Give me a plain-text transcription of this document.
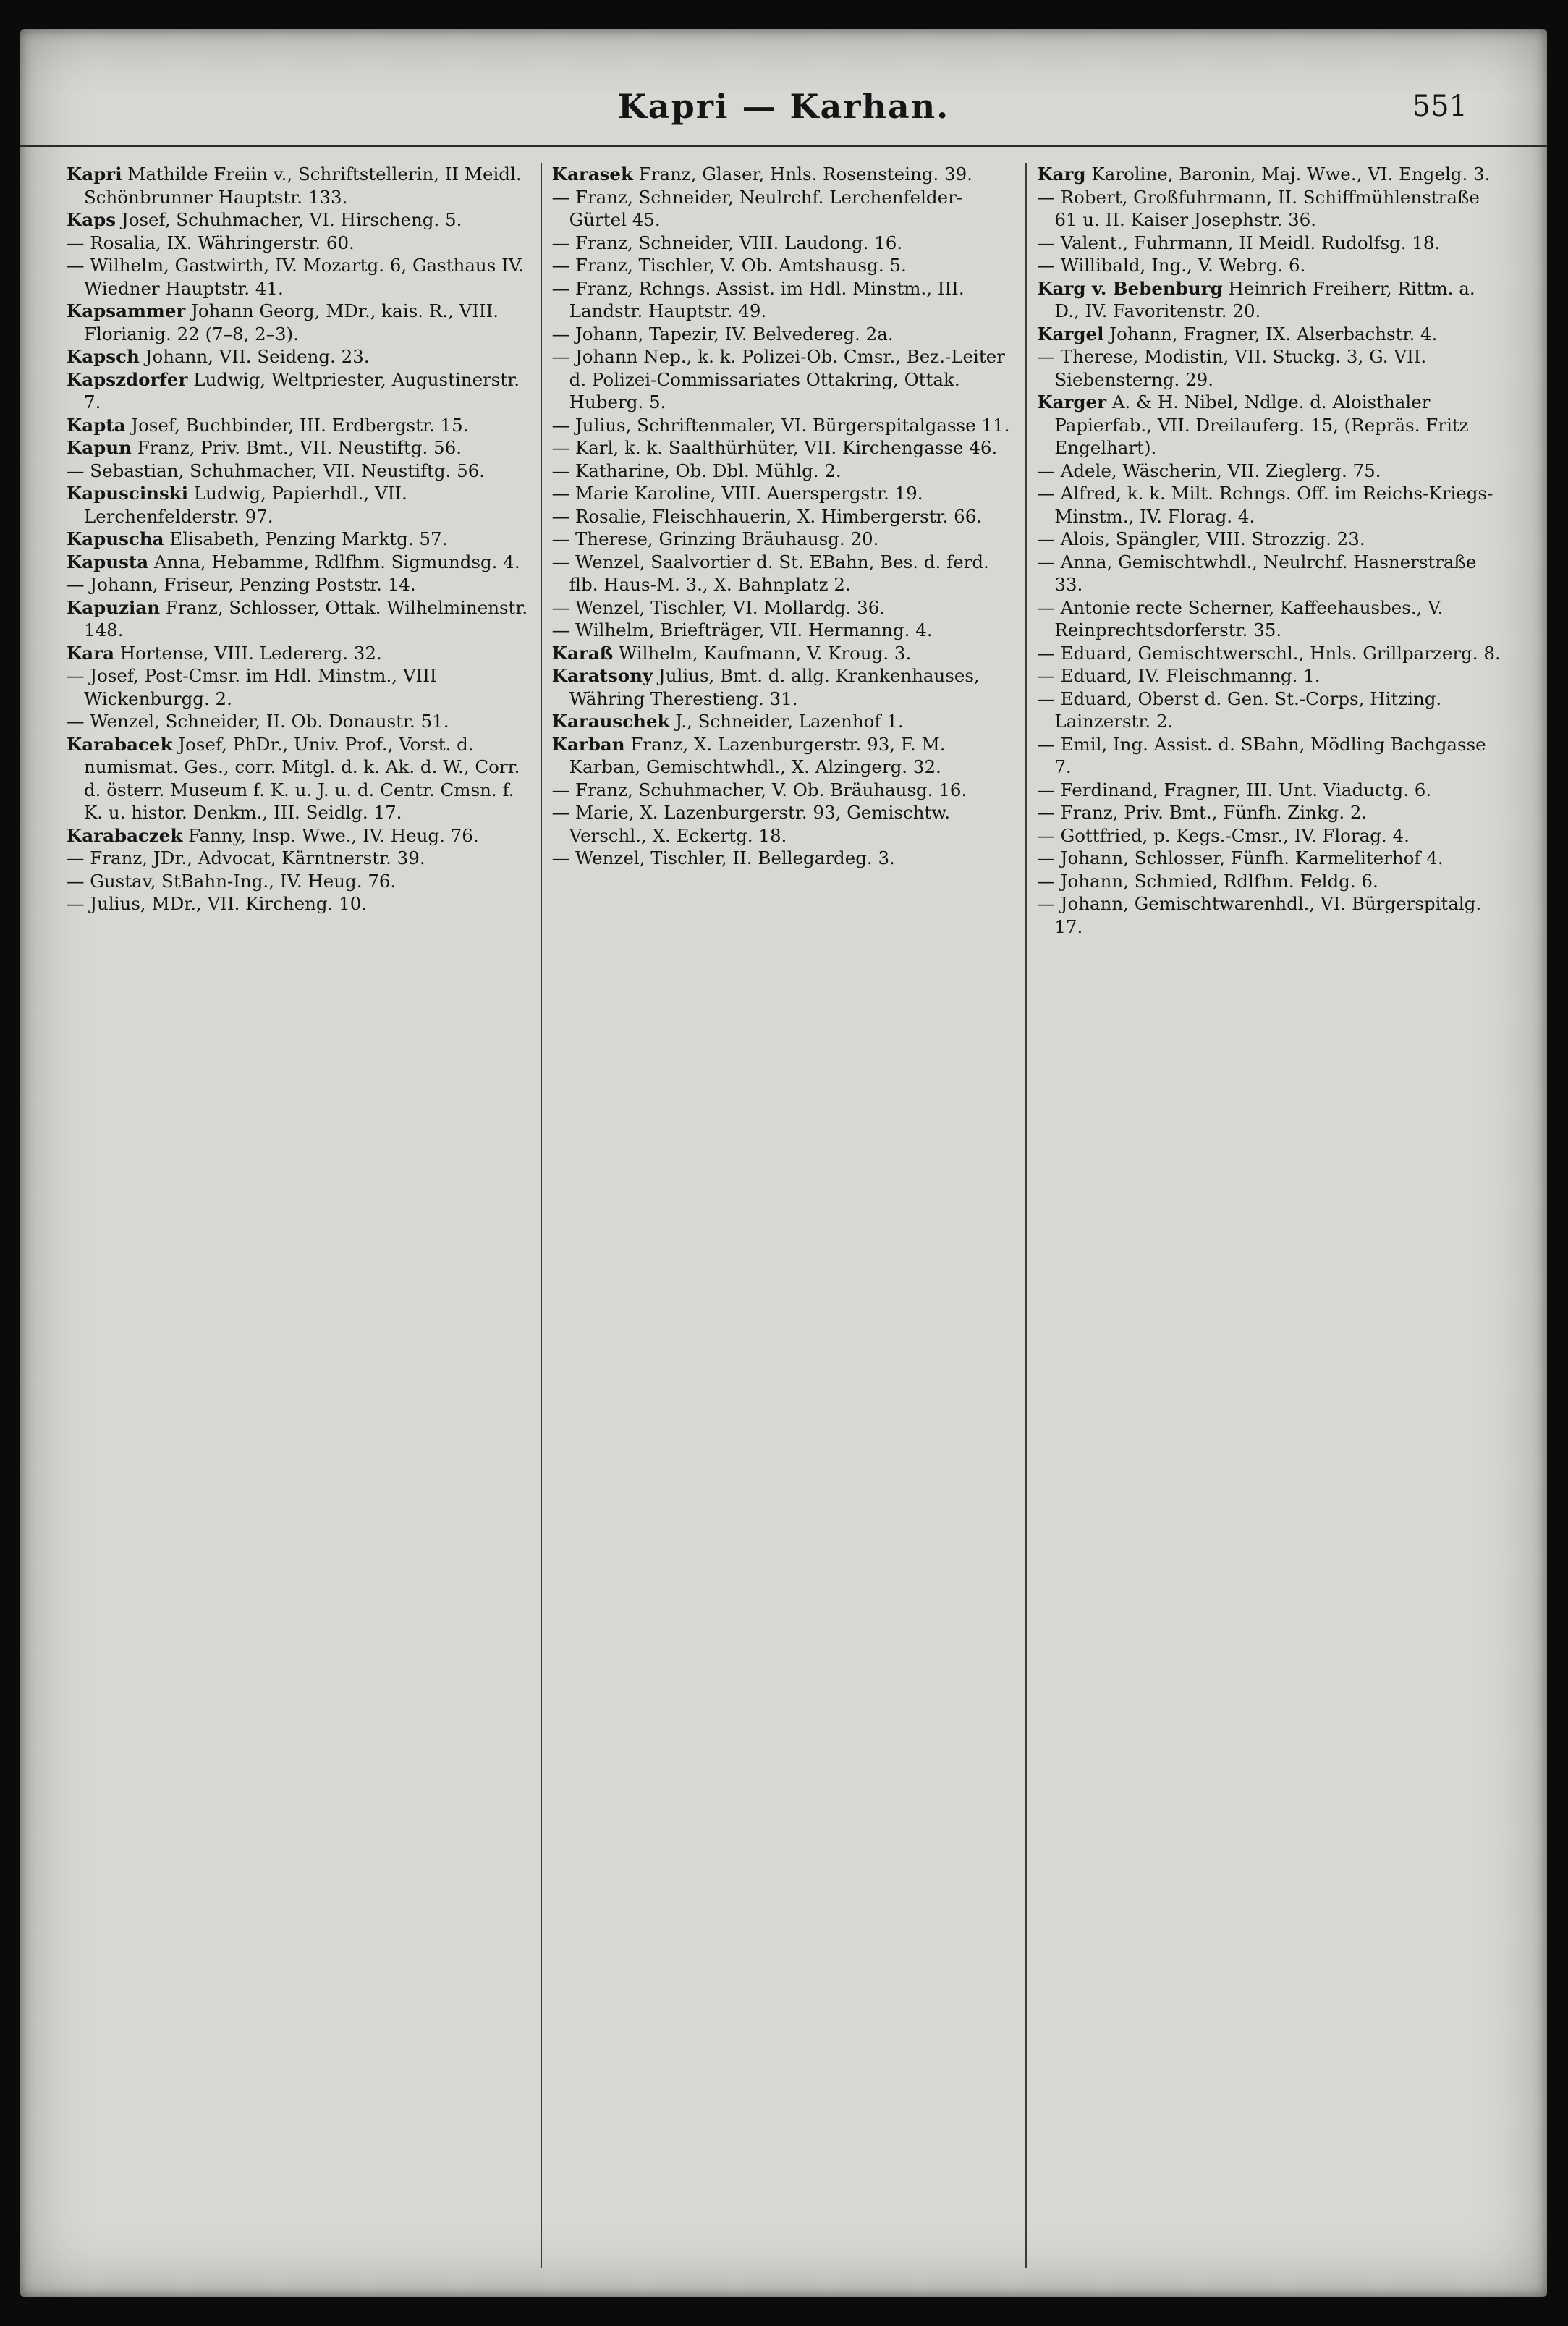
Kapri — Karhan.	551

Kapri Mathilde Freiin v., Schriftstellerin, II Meidl. Schönbrunner Hauptstr. 133.

Kaps Josef, Schuhmacher, VI. Hirscheng. 5.

— Rosalia, IX. Währingerstr. 60.

— Wilhelm, Gastwirth, IV. Mozartg. 6, Gasthaus IV. Wiedner Hauptstr. 41.

Kapsammer Johann Georg, MDr., kais. R., VIII. Florianig. 22 (7–8, 2–3).

Kapsch Johann, VII. Seideng. 23.

Kapszdorfer Ludwig, Weltpriester, Augustinerstr. 7.

Kapta Josef, Buchbinder, III. Erdbergstr. 15.

Kapun Franz, Priv. Bmt., VII. Neustiftg. 56.

— Sebastian, Schuhmacher, VII. Neustiftg. 56.

Kapuscinski Ludwig, Papierhdl., VII. Lerchenfelderstr. 97.

Kapuscha Elisabeth, Penzing Marktg. 57.

Kapusta Anna, Hebamme, Rdlfhm. Sigmundsg. 4.

— Johann, Friseur, Penzing Poststr. 14.

Kapuzian Franz, Schlosser, Ottak. Wilhelminenstr. 148.

Kara Hortense, VIII. Ledererg. 32.

— Josef, Post-Cmsr. im Hdl. Minstm., VIII Wickenburgg. 2.

— Wenzel, Schneider, II. Ob. Donaustr. 51.

Karabacek Josef, PhDr., Univ. Prof., Vorst. d. numismat. Ges., corr. Mitgl. d. k. Ak. d. W., Corr. d. österr. Museum f. K. u. J. u. d. Centr. Cmsn. f. K. u. histor. Denkm., III. Seidlg. 17.

Karabaczek Fanny, Insp. Wwe., IV. Heug. 76.

— Franz, JDr., Advocat, Kärntnerstr. 39.

— Gustav, StBahn-Ing., IV. Heug. 76.

— Julius, MDr., VII. Kircheng. 10.

Karasek Franz, Glaser, Hnls. Rosensteing. 39.

— Franz, Schneider, Neulrchf. Lerchenfelder-Gürtel 45.

— Franz, Schneider, VIII. Laudong. 16.

— Franz, Tischler, V. Ob. Amtshausg. 5.

— Franz, Rchngs. Assist. im Hdl. Minstm., III. Landstr. Hauptstr. 49.

— Johann, Tapezir, IV. Belvedereg. 2a.

— Johann Nep., k. k. Polizei-Ob. Cmsr., Bez.-Leiter d. Polizei-Commissariates Ottakring, Ottak. Huberg. 5.

— Julius, Schriftenmaler, VI. Bürgerspitalgasse 11.

— Karl, k. k. Saalthürhüter, VII. Kirchengasse 46.

— Katharine, Ob. Dbl. Mühlg. 2.

— Marie Karoline, VIII. Auerspergstr. 19.

— Rosalie, Fleischhauerin, X. Himbergerstr. 66.

— Therese, Grinzing Bräuhausg. 20.

— Wenzel, Saalvortier d. St. EBahn, Bes. d. ferd. flb. Haus-M. 3., X. Bahnplatz 2.

— Wenzel, Tischler, VI. Mollardg. 36.

— Wilhelm, Briefträger, VII. Hermanng. 4.

Karaß Wilhelm, Kaufmann, V. Kroug. 3.

Karatsony Julius, Bmt. d. allg. Krankenhauses, Währing Therestieng. 31.

Karauschek J., Schneider, Lazenhof 1.

Karban Franz, X. Lazenburgerstr. 93, F. M. Karban, Gemischtwhdl., X. Alzingerg. 32.

— Franz, Schuhmacher, V. Ob. Bräuhausg. 16.

— Marie, X. Lazenburgerstr. 93, Gemischtw. Verschl., X. Eckertg. 18.

— Wenzel, Tischler, II. Bellegardeg. 3.

Karg Karoline, Baronin, Maj. Wwe., VI. Engelg. 3.

— Robert, Großfuhrmann, II. Schiffmühlenstraße 61 u. II. Kaiser Josephstr. 36.

— Valent., Fuhrmann, II Meidl. Rudolfsg. 18.

— Willibald, Ing., V. Webrg. 6.

Karg v. Bebenburg Heinrich Freiherr, Rittm. a. D., IV. Favoritenstr. 20.

Kargel Johann, Fragner, IX. Alserbachstr. 4.

— Therese, Modistin, VII. Stuckg. 3, G. VII. Siebensterng. 29.

Karger A. & H. Nibel, Ndlge. d. Aloisthaler Papierfab., VII. Dreilauferg. 15, (Repräs. Fritz Engelhart).

— Adele, Wäscherin, VII. Zieglerg. 75.

— Alfred, k. k. Milt. Rchngs. Off. im Reichs-Kriegs-Minstm., IV. Florag. 4.

— Alois, Spängler, VIII. Strozzig. 23.

— Anna, Gemischtwhdl., Neulrchf. Hasnerstraße 33.

— Antonie recte Scherner, Kaffeehausbes., V. Reinprechtsdorferstr. 35.

— Eduard, Gemischtwerschl., Hnls. Grillparzerg. 8.

— Eduard, IV. Fleischmanng. 1.

— Eduard, Oberst d. Gen. St.-Corps, Hitzing. Lainzerstr. 2.

— Emil, Ing. Assist. d. SBahn, Mödling Bachgasse 7.

— Ferdinand, Fragner, III. Unt. Viaductg. 6.

— Franz, Priv. Bmt., Fünfh. Zinkg. 2.

— Gottfried, p. Kegs.-Cmsr., IV. Florag. 4.

— Johann, Schlosser, Fünfh. Karmeliterhof 4.

— Johann, Schmied, Rdlfhm. Feldg. 6.

— Johann, Gemischtwarenhdl., VI. Bürgerspitalg. 17.
